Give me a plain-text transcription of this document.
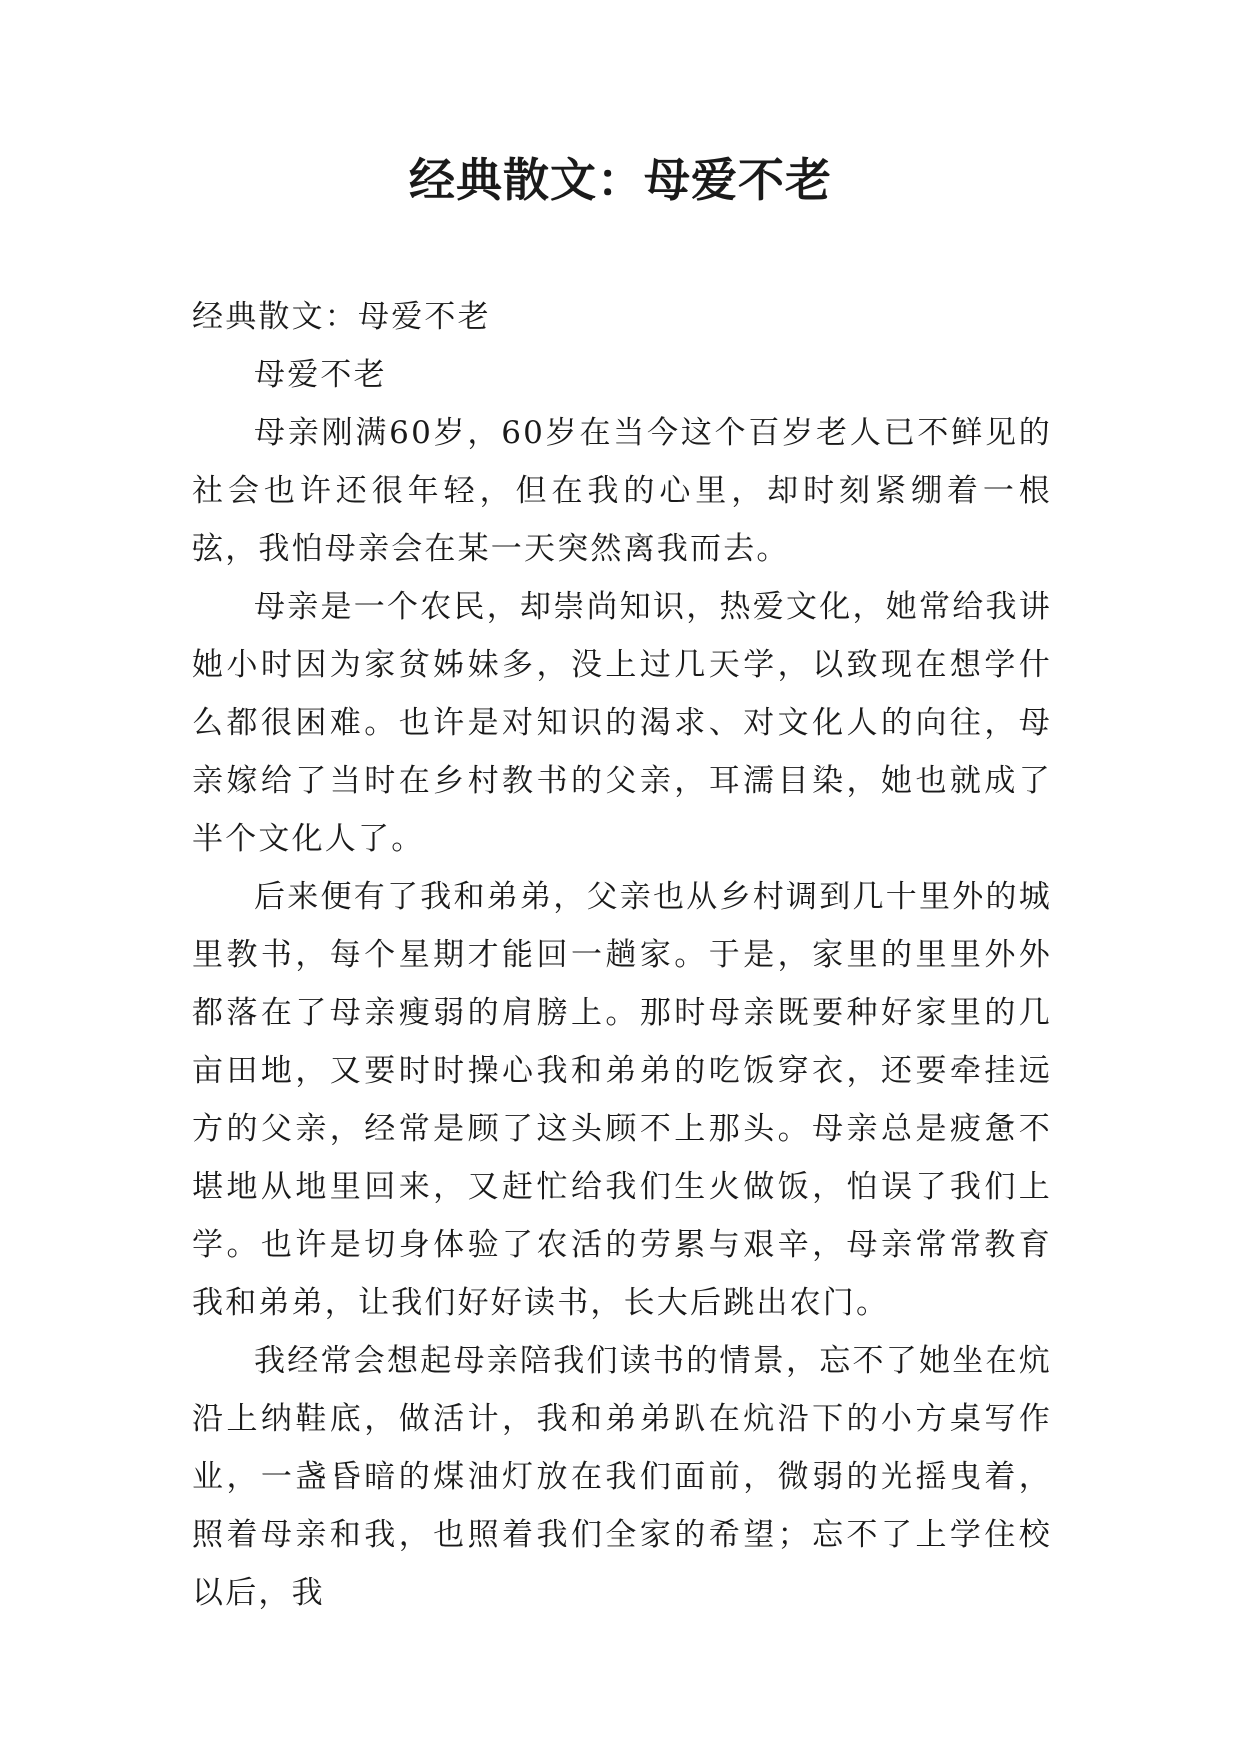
经典散文：母爱不老

经典散文：母爱不老

母爱不老

母亲刚满60岁，60岁在当今这个百岁老人已不鲜见的社会也许还很年轻，但在我的心里，却时刻紧绷着一根弦，我怕母亲会在某一天突然离我而去。

母亲是一个农民，却崇尚知识，热爱文化，她常给我讲她小时因为家贫姊妹多，没上过几天学，以致现在想学什么都很困难。也许是对知识的渴求、对文化人的向往，母亲嫁给了当时在乡村教书的父亲，耳濡目染，她也就成了半个文化人了。

后来便有了我和弟弟，父亲也从乡村调到几十里外的城里教书，每个星期才能回一趟家。于是，家里的里里外外都落在了母亲瘦弱的肩膀上。那时母亲既要种好家里的几亩田地，又要时时操心我和弟弟的吃饭穿衣，还要牵挂远方的父亲，经常是顾了这头顾不上那头。母亲总是疲惫不堪地从地里回来，又赶忙给我们生火做饭，怕误了我们上学。也许是切身体验了农活的劳累与艰辛，母亲常常教育我和弟弟，让我们好好读书，长大后跳出农门。

我经常会想起母亲陪我们读书的情景，忘不了她坐在炕沿上纳鞋底，做活计，我和弟弟趴在炕沿下的小方桌写作业，一盏昏暗的煤油灯放在我们面前，微弱的光摇曳着，照着母亲和我，也照着我们全家的希望；忘不了上学住校以后，我
